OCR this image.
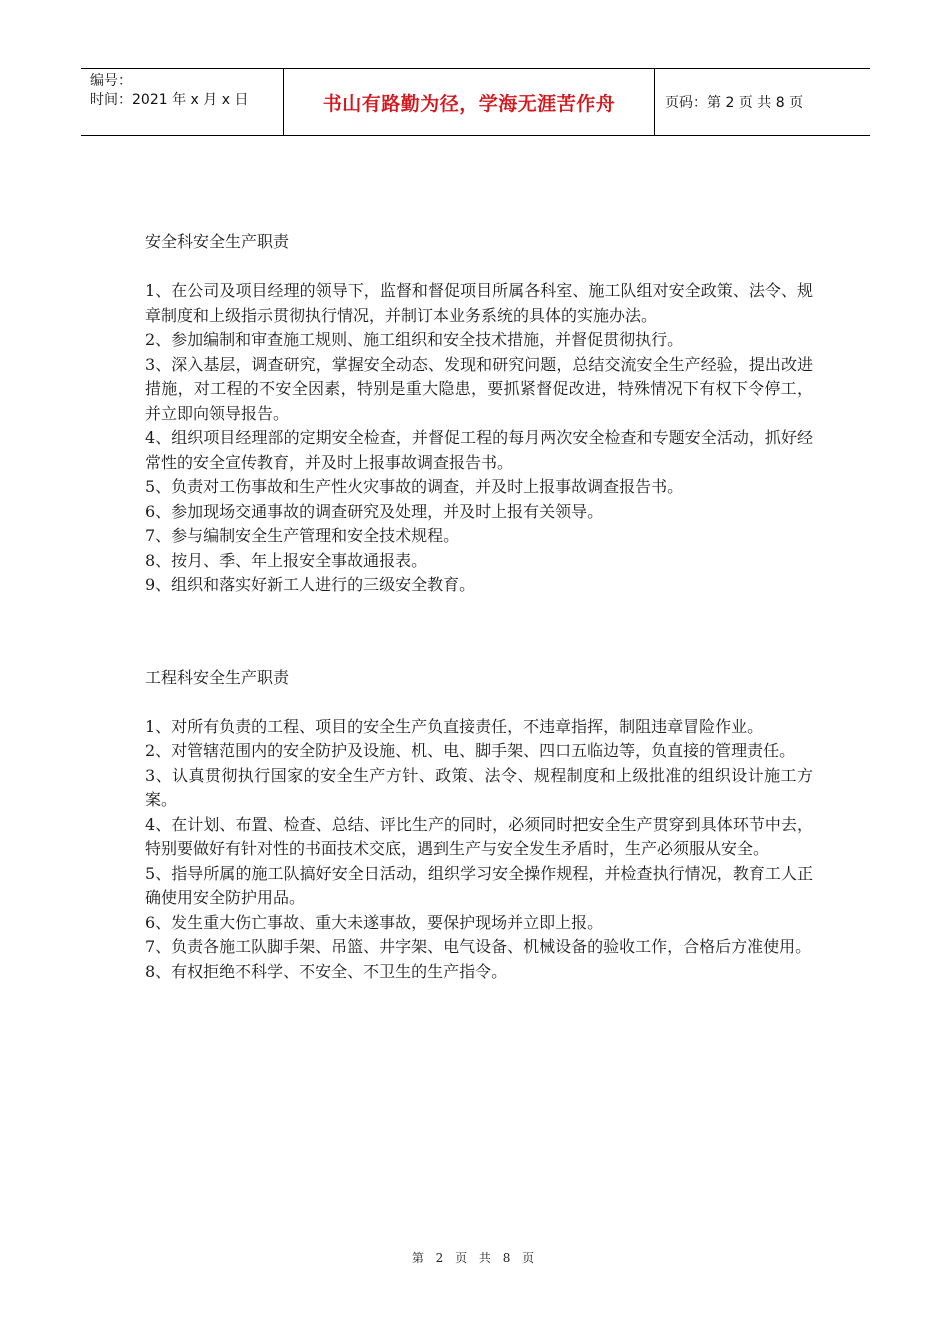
编号：
时间：2021 年 x 月 x 日	书山有路勤为径，学海无涯苦作舟	页码：第 2 页 共 8 页
安全科安全生产职责
1、在公司及项目经理的领导下，监督和督促项目所属各科室、施工队组对安全政策、法令、规章制度和上级指示贯彻执行情况，并制订本业务系统的具体的实施办法。
2、参加编制和审查施工规则、施工组织和安全技术措施，并督促贯彻执行。
3、深入基层，调查研究，掌握安全动态、发现和研究问题，总结交流安全生产经验，提出改进措施，对工程的不安全因素，特别是重大隐患，要抓紧督促改进，特殊情况下有权下令停工，并立即向领导报告。
4、组织项目经理部的定期安全检查，并督促工程的每月两次安全检查和专题安全活动，抓好经常性的安全宣传教育，并及时上报事故调查报告书。
5、负责对工伤事故和生产性火灾事故的调查，并及时上报事故调查报告书。
6、参加现场交通事故的调查研究及处理，并及时上报有关领导。
7、参与编制安全生产管理和安全技术规程。
8、按月、季、年上报安全事故通报表。
9、组织和落实好新工人进行的三级安全教育。
工程科安全生产职责
1、对所有负责的工程、项目的安全生产负直接责任，不违章指挥，制阻违章冒险作业。
2、对管辖范围内的安全防护及设施、机、电、脚手架、四口五临边等，负直接的管理责任。
3、认真贯彻执行国家的安全生产方针、政策、法令、规程制度和上级批准的组织设计施工方案。
4、在计划、布置、检查、总结、评比生产的同时，必须同时把安全生产贯穿到具体环节中去，特别要做好有针对性的书面技术交底，遇到生产与安全发生矛盾时，生产必须服从安全。
5、指导所属的施工队搞好安全日活动，组织学习安全操作规程，并检查执行情况，教育工人正确使用安全防护用品。
6、发生重大伤亡事故、重大未遂事故，要保护现场并立即上报。
7、负责各施工队脚手架、吊篮、井字架、电气设备、机械设备的验收工作，合格后方准使用。
8、有权拒绝不科学、不安全、不卫生的生产指令。
第 2 页 共 8 页
